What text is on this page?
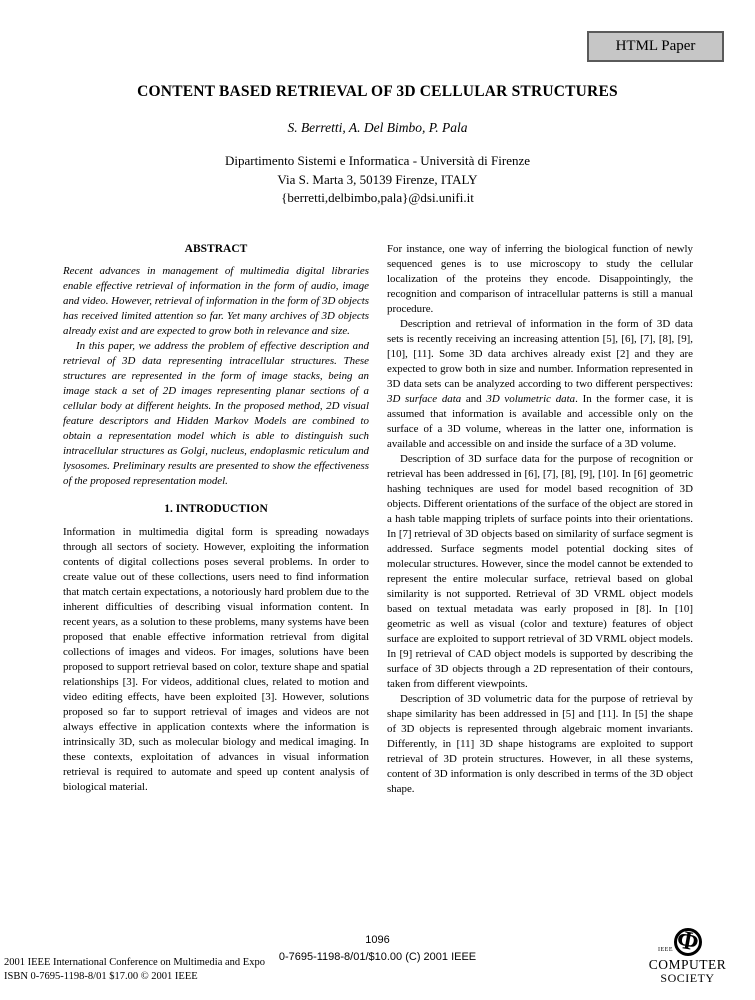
HTML Paper
CONTENT BASED RETRIEVAL OF 3D CELLULAR STRUCTURES
S. Berretti, A. Del Bimbo, P. Pala
Dipartimento Sistemi e Informatica - Università di Firenze
Via S. Marta 3, 50139 Firenze, ITALY
{berretti,delbimbo,pala}@dsi.unifi.it
ABSTRACT

Recent advances in management of multimedia digital libraries enable effective retrieval of information in the form of audio, image and video. However, retrieval of information in the form of 3D objects has received limited attention so far. Yet many archives of 3D objects already exist and are expected to grow both in relevance and size.

In this paper, we address the problem of effective description and retrieval of 3D data representing intracellular structures. These structures are represented in the form of image stacks, being an image stack a set of 2D images representing planar sections of a cellular body at different heights. In the proposed method, 2D visual feature descriptors and Hidden Markov Models are combined to obtain a representation model which is able to distinguish such intracellular structures as Golgi, nucleus, endoplasmic reticulum and lysosomes. Preliminary results are presented to show the effectiveness of the proposed representation model.

1. INTRODUCTION

Information in multimedia digital form is spreading nowadays through all sectors of society. However, exploiting the information contents of digital collections poses several problems. In order to create value out of these collections, users need to find information that match certain expectations, a notoriously hard problem due to the inherent difficulties of describing visual information content. In recent years, as a solution to these problems, many systems have been proposed that enable effective information retrieval from digital collections of images and videos. For images, solutions have been proposed to support retrieval based on color, texture shape and spatial relationships [3]. For videos, additional clues, related to motion and video editing effects, have been exploited [3]. However, solutions proposed so far to support retrieval of images and videos are not always effective in application contexts where the information is intrinsically 3D, such as molecular biology and medical imaging. In these contexts, exploitation of advances in visual information retrieval is required to automate and speed up content analysis of biological material.

For instance, one way of inferring the biological function of newly sequenced genes is to use microscopy to study the cellular localization of the proteins they encode. Disappointingly, the recognition and comparison of intracellular patterns is still a manual procedure.

Description and retrieval of information in the form of 3D data sets is recently receiving an increasing attention [5], [6], [7], [8], [9], [10], [11]. Some 3D data archives already exist [2] and they are expected to grow both in size and number. Information represented in 3D data sets can be analyzed according to two different perspectives: 3D surface data and 3D volumetric data. In the former case, it is assumed that information is available and accessible only on the surface of a 3D volume, whereas in the latter one, information is available and accessible on and inside the surface of a 3D volume.

Description of 3D surface data for the purpose of recognition or retrieval has been addressed in [6], [7], [8], [9], [10]. In [6] geometric hashing techniques are used for model based recognition of 3D objects. Different orientations of the surface of the object are stored in a hash table mapping triplets of surface points into their orientations. In [7] retrieval of 3D objects based on similarity of surface segment is addressed. Surface segments model potential docking sites of molecular structures. However, since the model cannot be extended to represent the entire molecular surface, retrieval based on global similarity is not supported. Retrieval of 3D VRML object models based on textual metadata was early proposed in [8]. In [10] geometric as well as visual (color and texture) features of object surface are exploited to support retrieval of 3D VRML object models. In [9] retrieval of CAD object models is supported by describing the surface of 3D objects through a 2D representation of their contours, taken from different viewpoints.

Description of 3D volumetric data for the purpose of retrieval by shape similarity has been addressed in [5] and [11]. In [5] the shape of 3D objects is represented through algebraic moment invariants. Differently, in [11] 3D shape histograms are exploited to support retrieval of 3D protein structures. However, in all these systems, content of 3D information is only described in terms of the 3D object shape.

1096
0-7695-1198-8/01/$10.00 (C) 2001 IEEE
2001 IEEE International Conference on Multimedia and Expo
ISBN 0-7695-1198-8/01 $17.00 © 2001 IEEE
Φ
IEEE
COMPUTER
SOCIETY
